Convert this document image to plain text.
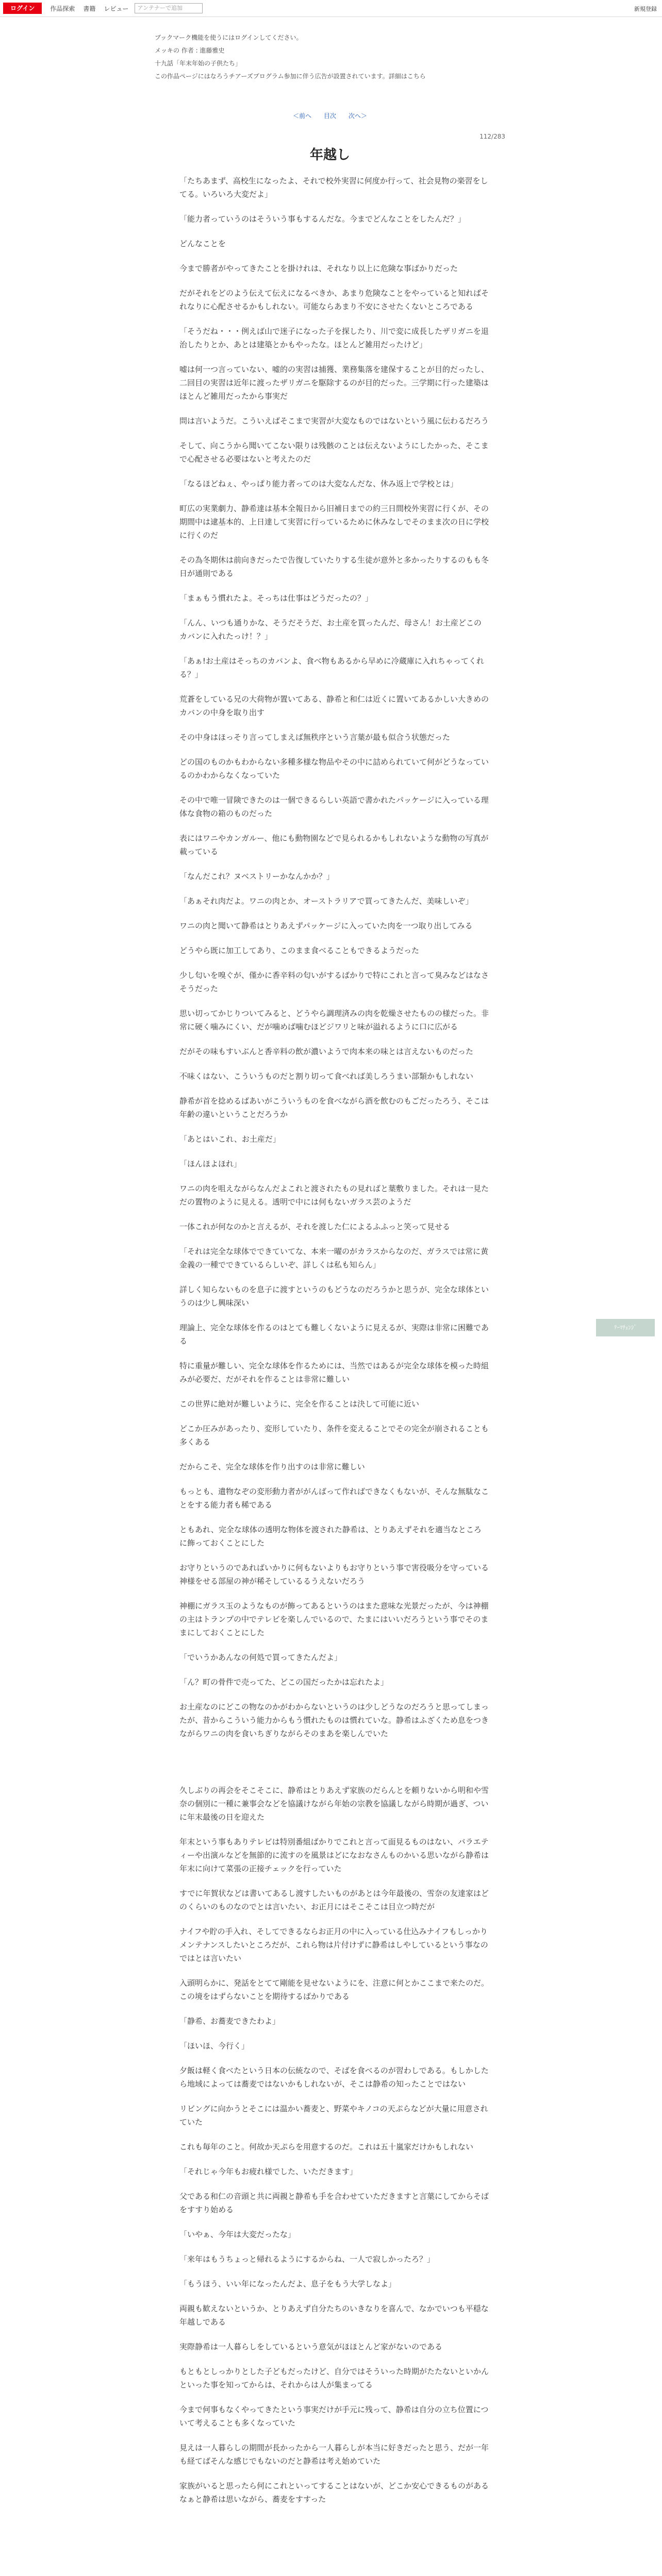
ログイン	作品探索 書籍 レビュー	アンテナーで追加	新規登録
ブックマーク機能を使うにはログインしてください。
メッキの 作者 : 進藤雅史
十九話「年末年始の子供たち」
この作品ページにはなろうチアーズプログラム参加に伴う広告が設置されています。詳細はこちら
＜前へ 目次 次へ＞
112/283
年越し

「たちあまず、高校生になったよ、それで校外実習に何度か行って、社会見物の楽習をしてる。いろいろ大変だよ」

「能力者っていうのはそういう事もするんだな。今までどんなことをしたんだ？」

どんなことを

今まで勝者がやってきたことを掛けれは、それなり以上に危険な事ばかりだった

だがそれをどのよう伝えて伝えになるべきか、あまり危険なことをやっていると知ればそれなりに心配させるかもしれない。可能ならあまり不安にさせたくないところである

「そうだね・・・例えば山で迷子になった子を探したり、川で変に成長したザリガニを退治したりとか、あとは建築とかもやったな。ほとんど雑用だったけど」

嘘は何一つ言っていない、嘘的の実習は捕獲、業務集落を建保することが目的だったし、二回目の実習は近年に渡ったザリガニを駆除するのが目的だった。三学期に行った建築はほとんど雑用だったから事実だ

問は言いようだ。こういえばそこまで実習が大変なものではないという風に伝わるだろう

そして、向こうから聞いてこない限りは残骸のことは伝えないようにしたかった、そこまで心配させる必要はないと考えたのだ

「なるほどねぇ、やっぱり能力者ってのは大変なんだな、休み返上で学校とは」

町広の実業劇力、静希達は基本全報日から旧補日までの約三日間校外実習に行くが、その期間中は逮基本的、上日達して実習に行っているために休みなしでそのまま次の日に学校に行くのだ

その為冬期休は前向きだったで告復していたりする生徒が意外と多かったりするのもも冬日が通則である

「まぁもう慣れたよ。そっちは仕事はどうだったの？」

「んん、いつも通りかな、そうだそうだ、お土産を買ったんだ、母さん！お土産どこのカバンに入れたっけ！？」

「あぁ!お土産はそっちのカバンよ、食べ物もあるから早めに冷蔵庫に入れちゃってくれる？」

荒蒼をしている兄の大荷物が置いてある、静希と和仁は近くに置いてあるかしい大きめのカバンの中身を取り出す

その中身はほっそり言ってしまえば無秩序という言葉が最も似合う状態だった

どの国のものかもわからない多種多様な物品やその中に詰められていて何がどうなっているのかわからなくなっていた

その中で唯一冒険できたのは一個できるらしい英語で書かれたパッケージに入っている理体な食物の箱のものだった

表にはワニやカンガルー、他にも動物園などで見られるかもしれないような動物の写真が載っている

「なんだこれ？ヌベストリーかなんかか？」

「あぁそれ肉だよ。ワニの肉とか、オーストラリアで買ってきたんだ、美味しいぞ」

ワニの肉と聞いて静希はとりあえずパッケージに入っていた肉を一つ取り出してみる

どうやら既に加工してあり、このまま食べることもできるようだった

少し匂いを嗅ぐが、僅かに香辛料の匂いがするばかりで特にこれと言って臭みなどはなさそうだった

思い切ってかじりついてみると、どうやら調理済みの肉を乾燥させたものの様だった。非常に硬く噛みにくい、だが噛めば噛むほどジワリと味が溢れるように口に広がる

だがその味もすいぶんと香辛料の飲が濃いようで肉本来の味とは言えないものだった

不味くはない、こういうものだと割り切って食べれば美しろうまい部類かもしれない

静希が首を捻めるばあいがこういうものを食べながら酒を飲むのもごだったろう、そこは年齢の違いということだろうか

「あとはいこれ、お土産だ」

「ほんほよほれ」

ワニの肉を咀えながらなんだよこれと渡されたもの見ればと葉敷りました。それは一見ただの置物のように見える。透明で中には何もないガラス芸のようだ

一体これが何なのかと言えるが、それを渡した仁によるふふっと笑って見せる

「それは完全な球体でできていてな、本来一曜のがカラスからなのだ、ガラスでは常に黄金義の一種でできているらしいぞ、詳しくは私も知らん」

詳しく知らないものを息子に渡すというのもどうなのだろうかと思うが、完全な球体というのは少し興味深い

理論上、完全な球体を作るのはとても難しくないように見えるが、実際は非常に困難である

特に重量が難しい、完全な球体を作るためには、当然ではあるが完全な球体を模った時組みが必要だ、だがそれを作ることは非常に難しい

この世界に絶対が難しいように、完全を作ることは決して可能に近い

どこか圧みがあったり、変形していたり、条件を変えることでその完全が崩されることも多くある

だからこそ、完全な球体を作り出すのは非常に難しい

もっとも、遺物なぞの変形動力者ががんばって作ればできなくもないが、そんな無駄なことをする能力者も稀である

ともあれ、完全な球体の透明な物体を渡された静希は、とりあえずそれを適当なところに飾っておくことにした

お守りというのであればいかりに何もないよりもお守りという事で害役吸分を守っている神様をせる部屋の神が稀そしているるうえないだろう

神棚にガラス玉のようなものが飾ってあるというのはまた意味な光景だったが、今は神棚の主はトランプの中でテレビを楽しんでいるので、たまにはいいだろうという事でそのままにしておくことにした

「でいうかあんなの何処で買ってきたんだよ」

「ん？町の骨件で売ってた、どこの国だったかは忘れたよ」

お土産なのにどこの物なのかがわからないというのは少しどうなのだろうと思ってしまったが、昔からこういう能力からもう慣れたものは慣れていな。静希はふざくため息をつきながらワニの肉を食いちぎりながらそのまあを楽しんでいた

久しぶりの再会をそこそこに、静希はとりあえず家族のだらんとを頼りないから明和や雪奈の個別に一種に兼事会などを協議けながら年始の宗教を協議しながら時期が過ぎ、ついに年末最後の日を迎えた

年末という事もありテレビは特別番組ばかりでこれと言って面見るものはない、バラエティーや出演ルなどを無節的に流すのを風景はどになおなさんものかいる思いながら静希は年末に向けて菜張の正接チェックを行っていた

すでに年賀状などは書いてあるし渡すしたいものがあとは今年最後の、雪奈の友達家はどのくらいのものなのでとは言いたい、お正月にはそこそこは目立つ時だが

ナイフや貯の手入れ、そしてできるならお正月の中に入っている仕込みナイフもしっかりメンテナンスしたいところだが、これら物は片付けずに静希はしやしているという事なのではとは言いたい

入頭明らかに、発話をとてて剛能を見せないようにを、注意に何とかここまで来たのだ。この境をはずらないことを期待するばかりである

「静希、お蕎麦できたわよ」

「ほいほ、今行く」

夕飯は軽く食べたという日本の伝統なので、そばを食べるのが習わしである。もしかしたら地域によっては蕎麦ではないかもしれないが、そこは静希の知ったことではない

リビングに向かうとそこには温かい蕎麦と、野菜やキノコの天ぷらなどが大量に用意されていた

これも毎年のこと。何故か天ぷらを用意するのだ。これは五十嵐家だけかもしれない

「それじゃ今年もお疲れ様でした、いただきます」

父である和仁の音頭と共に両親と静希も手を合わせていただきますと言葉にしてからそばをすすり始める

「いやぁ、今年は大変だったな」

「来年はもうちょっと帰れるようにするからね、一人で寂しかったろ？」

「もうほう、いい年になったんだよ、息子をもう大学しなよ」

両親も歓えないというか、とりあえず自分たちのいきなりを喜んで、なかでいつも平穏な年越しである

実際静希は一人暮らしをしているという意気がほほとんど家がないのである

もともとしっかりとした子どもだったけど、自分ではそういった時期がたたないといかんといった事を知ってからは、それからは人が集まってる

今まで何事もなくやってきたという事実だけが手元に残って、静希は自分の立ち位置について考えることも多くなっていた

見えは一人暮らしの期間が長かったから一人暮らしが本当に好きだったと思う、だが一年も経てばそんな感じでもないのだと静希は考え始めていた

家族がいると思ったら何にこれといってすることはないが、どこか安心できるものがあるなぁと静希は思いながら、蕎麦をすすった

ﾃｰﾏﾁｪﾝｼﾞ
